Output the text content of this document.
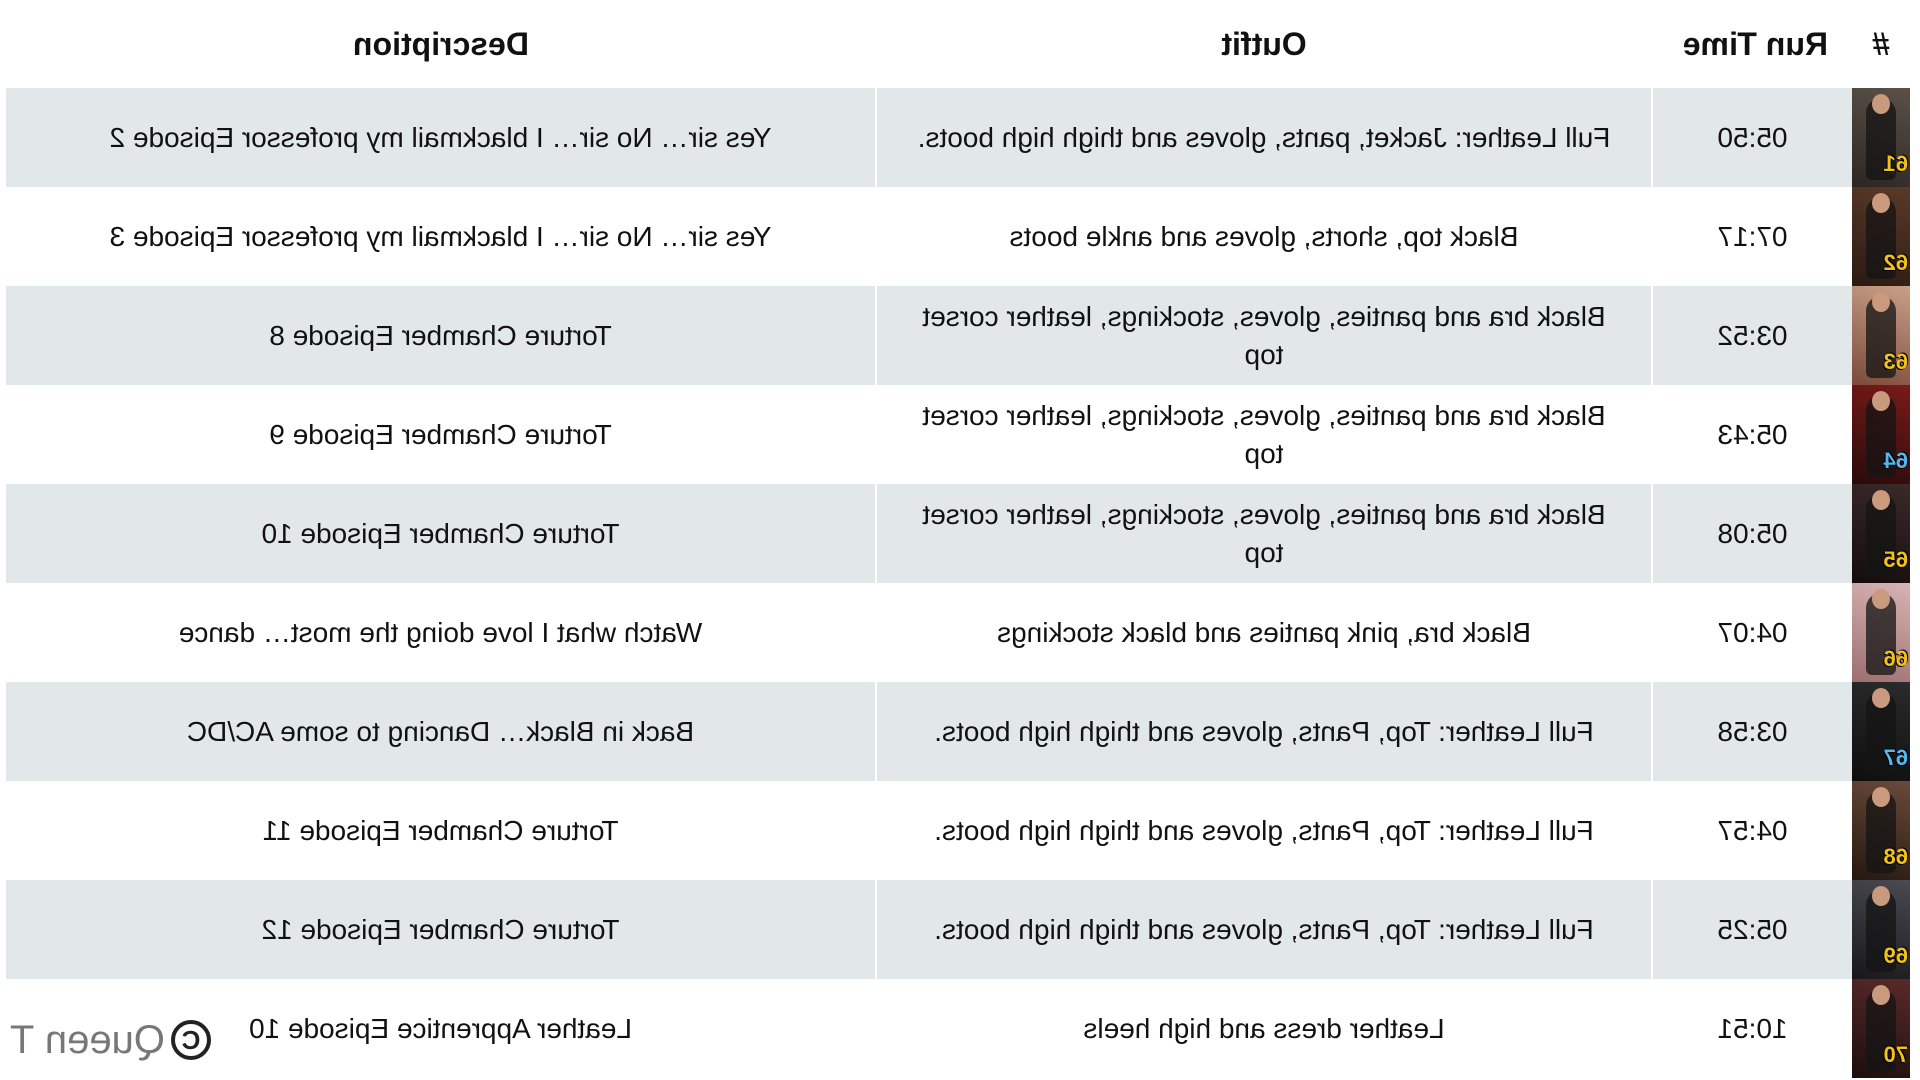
#	Run Time	Outfit	Description

61	05:50	Full Leather: Jacket, pants, gloves and thigh high boots.	Yes sir… No sir… I blackmail my professor Episode 2

62	07:17	Black top, shorts, gloves and ankle boots	Yes sir… No sir… I blackmail my professor Episode 3

63	03:52	Black bra and panties, gloves, stockings, leather corset top	Torture Chamber Episode 8

64	05:43	Black bra and panties, gloves, stockings, leather corset top	Torture Chamber Episode 9

65	05:08	Black bra and panties, gloves, stockings, leather corset top	Torture Chamber Episode 10

66	04:07	Black bra, pink panties and black stockings	Watch what I love doing the most… dance

67	03:58	Full Leather: Top, Pants, gloves and thigh high boots.	Back in Black… Dancing to some AC/DC

68	04:57	Full Leather: Top, Pants, gloves and thigh high boots.	Torture Chamber Episode 11

69	05:25	Full Leather: Top, Pants, gloves and thigh high boots.	Torture Chamber Episode 12

70	10:51	Leather dress and high heels	Leather Apprentice Episode 10
C
Queen T
